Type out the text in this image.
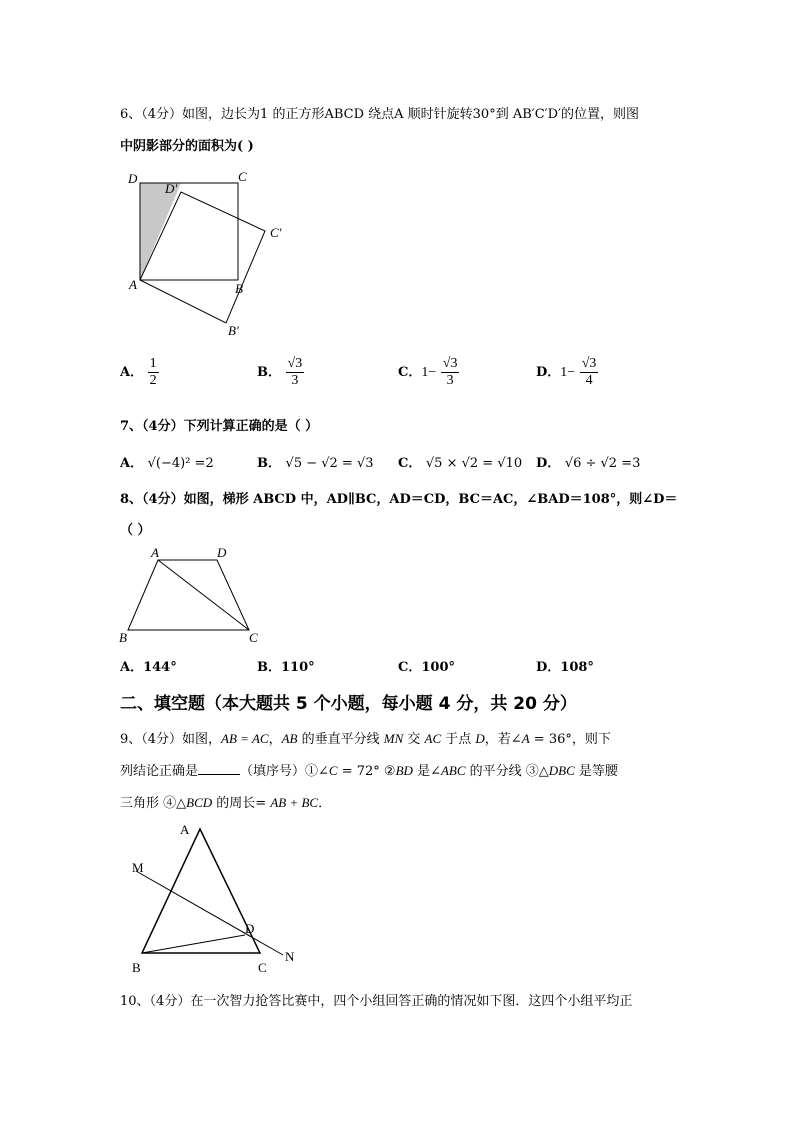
6、（4分）如图，边长为1 的正方形ABCD 绕点A 顺时针旋转30°到 AB′C′D′的位置，则图
中阴影部分的面积为( )
D
D′
C
C′
A	B
B′
A． $\frac{1}{2}$	B． $\frac{√3}{3}$	C．$1- \frac{√3}{3}$	D．$1- \frac{√3}{4}$
7、（4分）下列计算正确的是（ ）
A． √(−4)² =2	B． √5 − √2 = √3 C． √5 × √2 = √10 D． √6 ÷ √2 =3
8、（4分）如图，梯形 ABCD 中，AD∥BC，AD＝CD，BC＝AC，∠BAD＝108°，则∠D＝
（ ）
A	D
B	C
A．144°	B．110°	C．100°	D．108°
二、填空题（本大题共 5 个小题，每小题 4 分，共 20 分）
9、（4分）如图，AB = AC，AB 的垂直平分线 MN 交 AC 于点 D，若∠A = 36°，则下
列结论正确是	（填序号）①∠C = 72° ②BD 是∠ABC 的平分线 ③△DBC 是等腰
三角形 ④△BCD 的周长= AB + BC．
A
M
D
N
B	C
10、（4分）在一次智力抢答比赛中，四个小组回答正确的情况如下图．这四个小组平均正
